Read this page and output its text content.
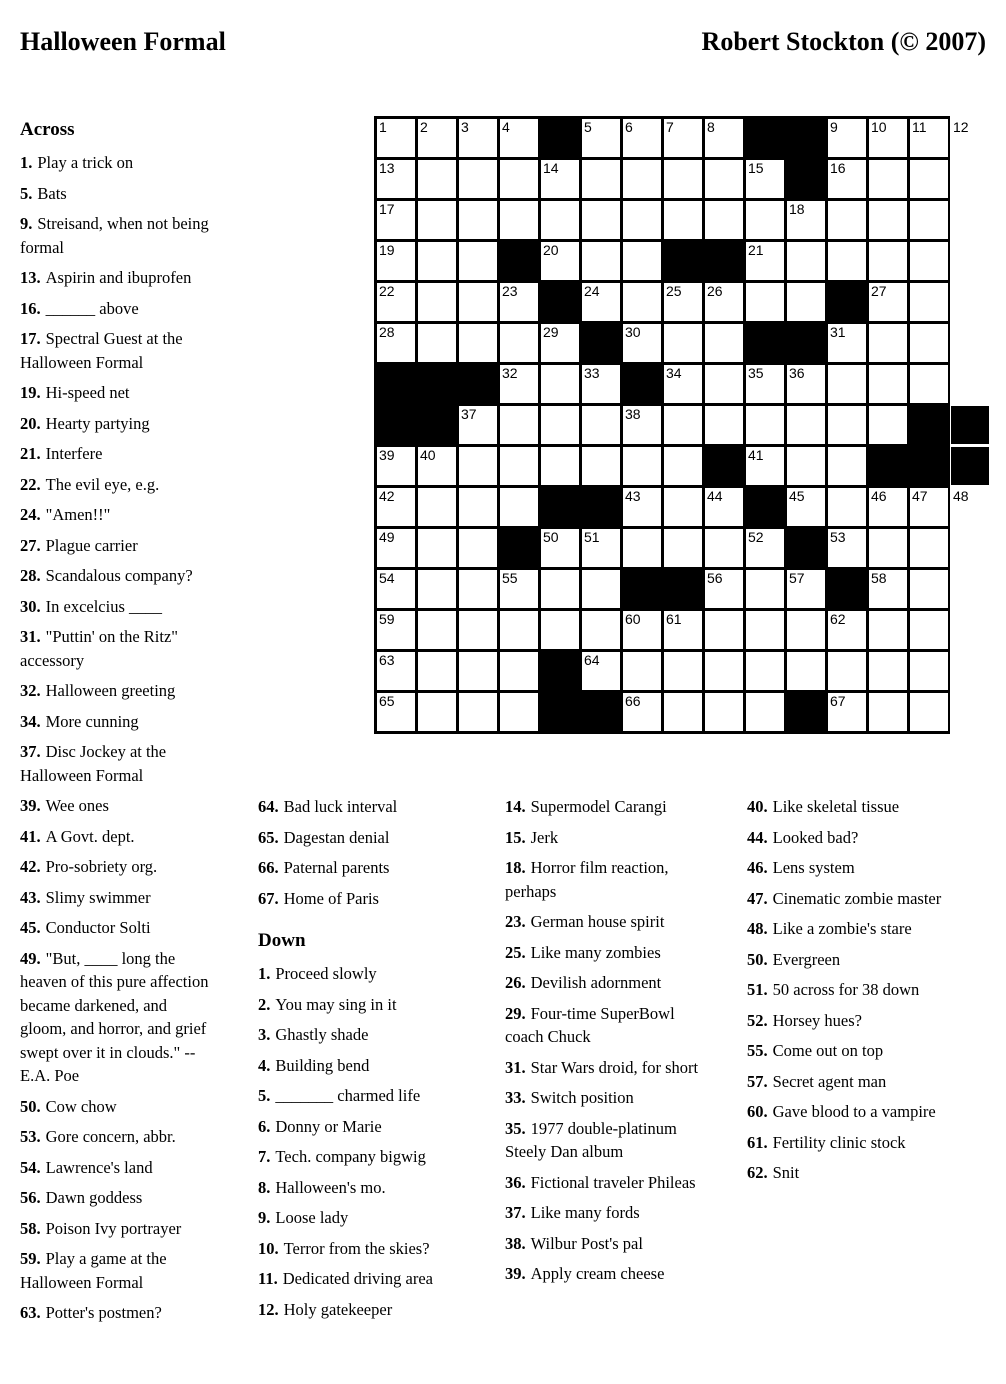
Halloween Formal	Robert Stockton (© 2007)
1 2 3 4	5 6 7 8	9 10 11 12
13	14	15	16
17	18
19	20	21
22	23	24	25 26	27
28	29	30	31
32	33	34	35 36
37	38
39 40	41
42	43	44	45	46 47 48
49	50 51	52	53
54	55	56	57	58
59	60 61	62
63	64
65	66	67
Across
1 . Play a trick on
5 . Bats
9 . Streisand, when not being formal
13 . Aspirin and ibuprofen
16 . ______ above
17 . Spectral Guest at the Halloween Formal
19 . Hi-speed net
20 . Hearty partying
21 . Interfere
22 . The evil eye, e.g.
24 . "Amen!!"
27 . Plague carrier
28 . Scandalous company?
30 . In excelcius ____
31 . "Puttin' on the Ritz" accessory
32 . Halloween greeting
34 . More cunning
37 . Disc Jockey at the Halloween Formal
39 . Wee ones
41 . A Govt. dept.
42 . Pro-sobriety org.
43 . Slimy swimmer
45 . Conductor Solti
49 . "But, ____ long the heaven of this pure affection became darkened, and gloom, and horror, and grief swept over it in clouds." -- E.A. Poe
50 . Cow chow
53 . Gore concern, abbr.
54 . Lawrence's land
56 . Dawn goddess
58 . Poison Ivy portrayer
59 . Play a game at the Halloween Formal
63 . Potter's postmen?
64 . Bad luck interval
65 . Dagestan denial
66 . Paternal parents
67 . Home of Paris
Down
1 . Proceed slowly
2 . You may sing in it
3 . Ghastly shade
4 . Building bend
5 . _______ charmed life
6 . Donny or Marie
7 . Tech. company bigwig
8 . Halloween's mo.
9 . Loose lady
10 . Terror from the skies?
11 . Dedicated driving area
12 . Holy gatekeeper
14 . Supermodel Carangi
15 . Jerk
18 . Horror film reaction, perhaps
23 . German house spirit
25 . Like many zombies
26 . Devilish adornment
29 . Four-time SuperBowl coach Chuck
31 . Star Wars droid, for short
33 . Switch position
35 . 1977 double-platinum Steely Dan album
36 . Fictional traveler Phileas
37 . Like many fords
38 . Wilbur Post's pal
39 . Apply cream cheese
40 . Like skeletal tissue
44 . Looked bad?
46 . Lens system
47 . Cinematic zombie master
48 . Like a zombie's stare
50 . Evergreen
51 . 50 across for 38 down
52 . Horsey hues?
55 . Come out on top
57 . Secret agent man
60 . Gave blood to a vampire
61 . Fertility clinic stock
62 . Snit
